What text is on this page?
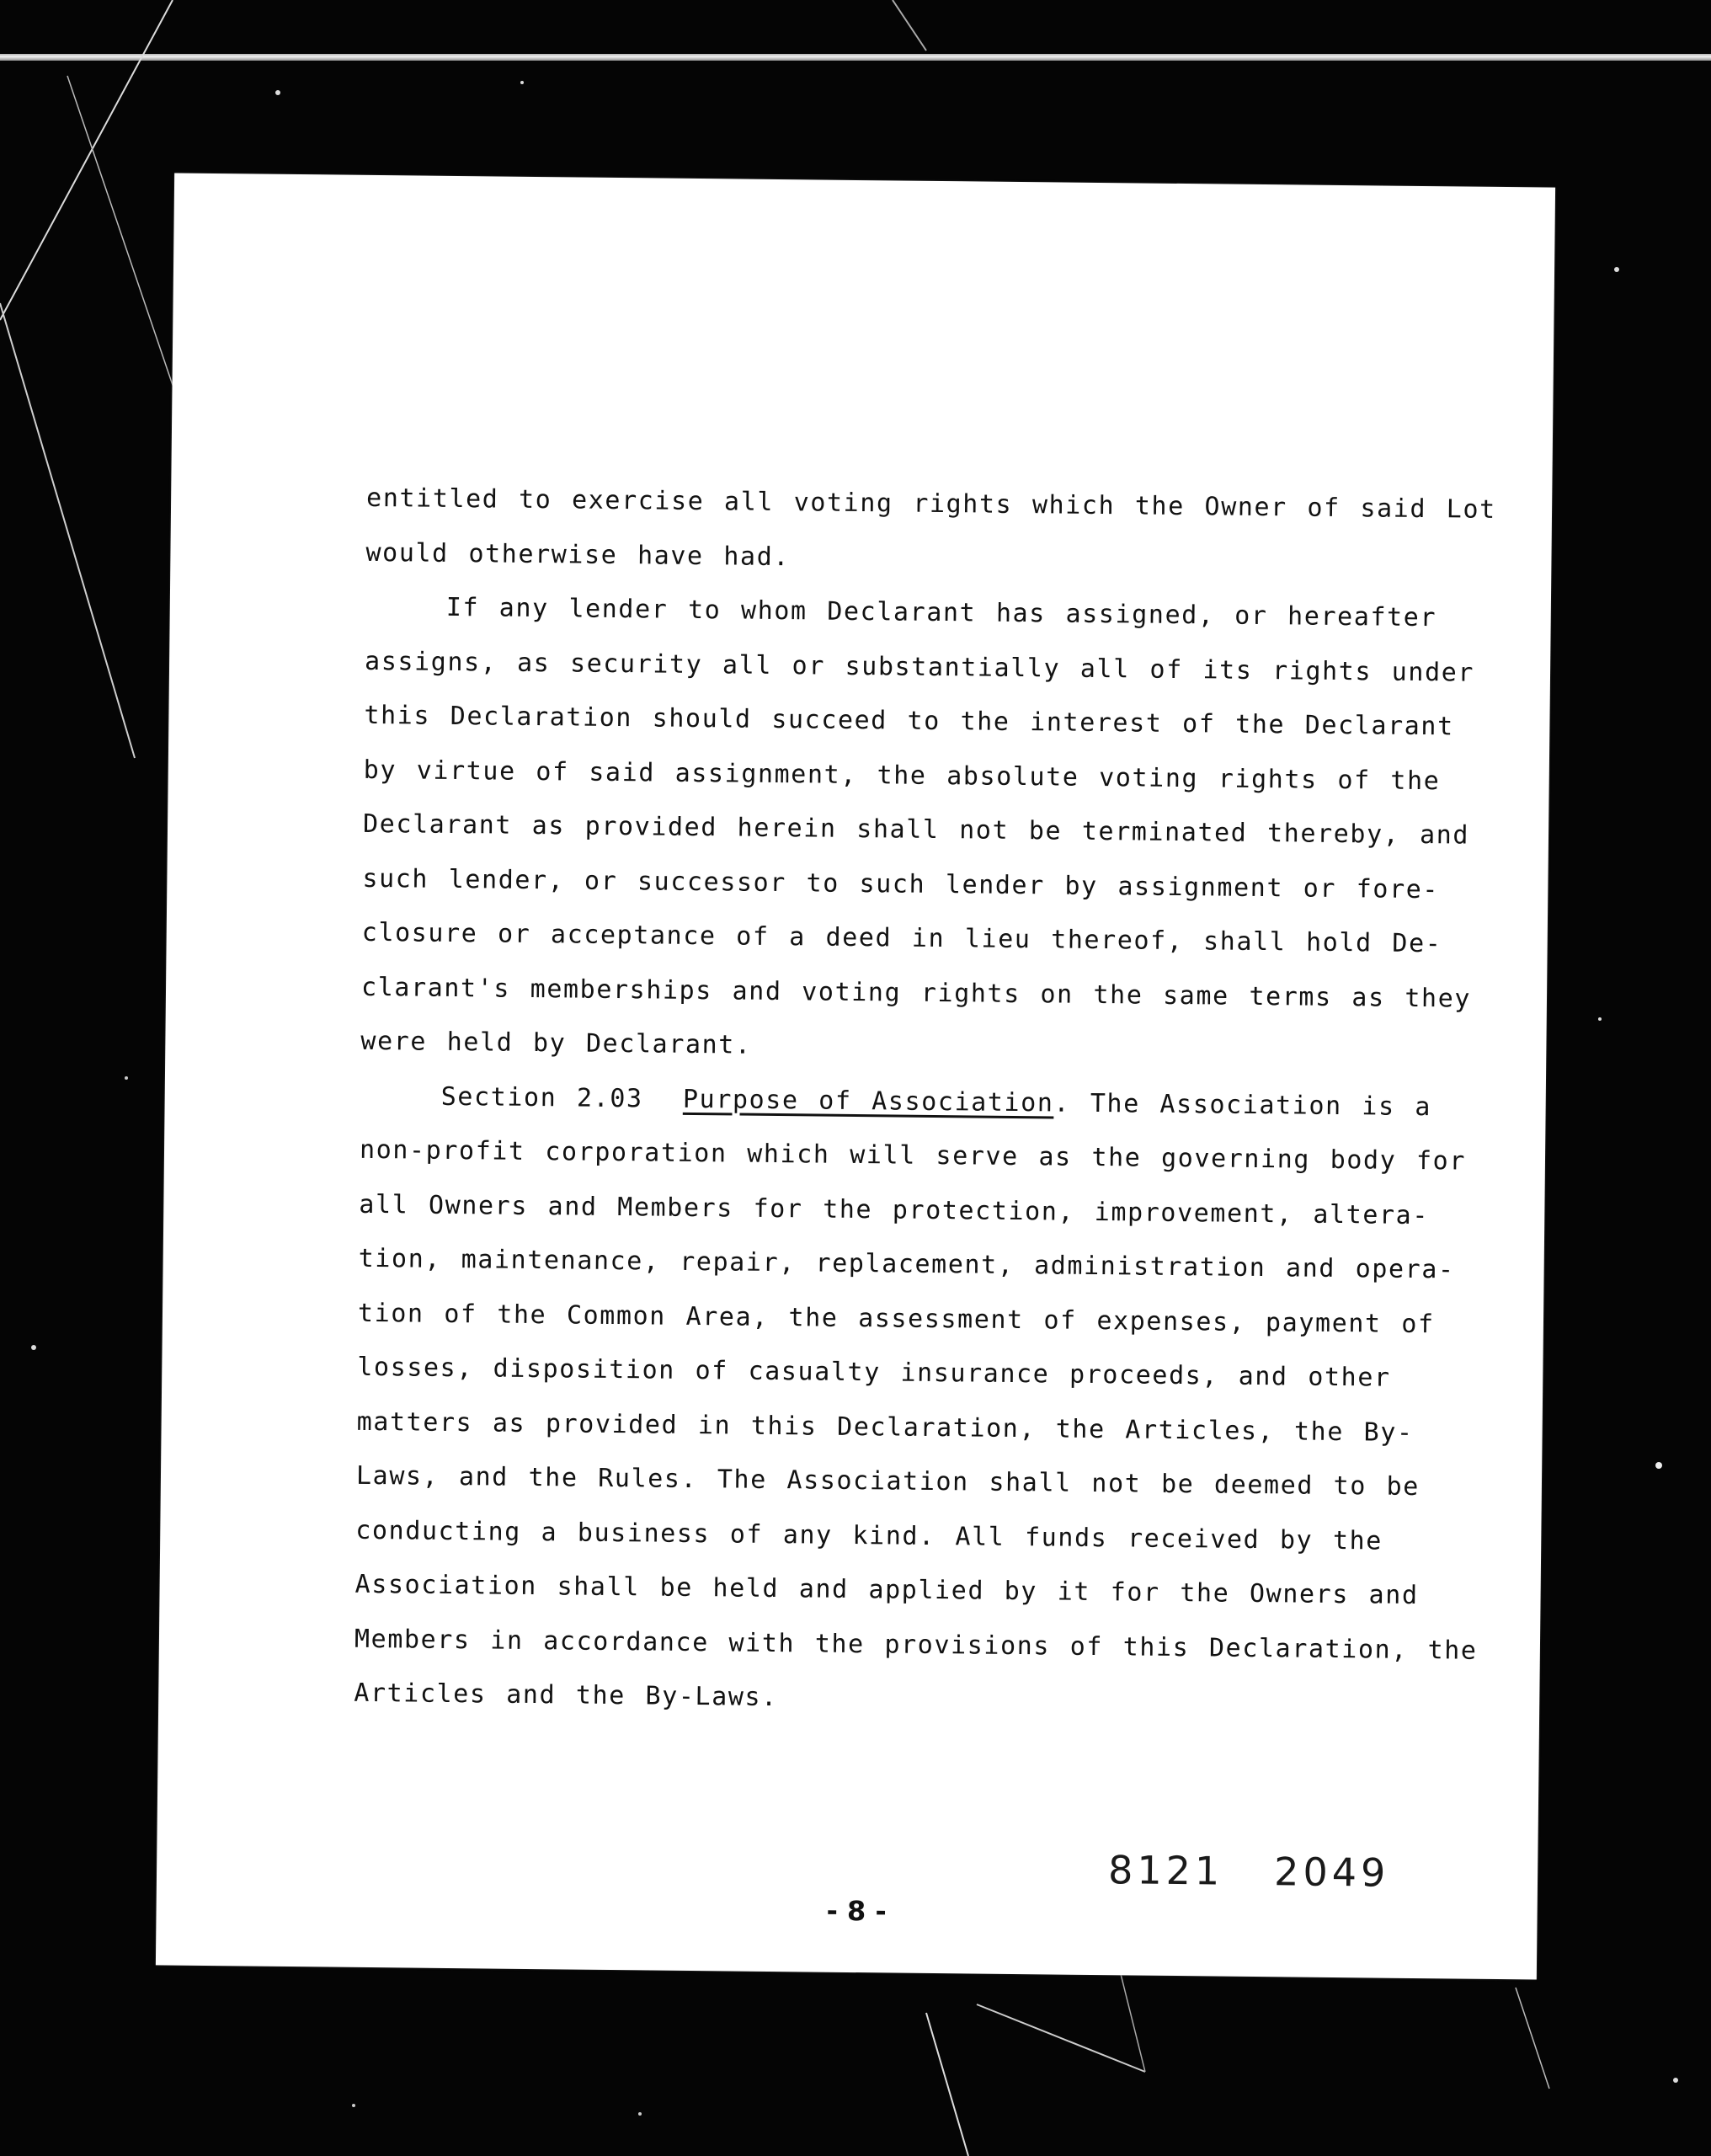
entitled to exercise all voting rights which the Owner of said Lot
would otherwise have had.
If any lender to whom Declarant has assigned, or hereafter
assigns, as security all or substantially all of its rights under
this Declaration should succeed to the interest of the Declarant
by virtue of said assignment, the absolute voting rights of the
Declarant as provided herein shall not be terminated thereby, and
such lender, or successor to such lender by assignment or fore-
closure or acceptance of a deed in lieu thereof, shall hold De-
clarant's memberships and voting rights on the same terms as they
were held by Declarant.
Section 2.03 Purpose of Association. The Association is a
non-profit corporation which will serve as the governing body for
all Owners and Members for the protection, improvement, altera-
tion, maintenance, repair, replacement, administration and opera-
tion of the Common Area, the assessment of expenses, payment of
losses, disposition of casualty insurance proceeds, and other
matters as provided in this Declaration, the Articles, the By-
Laws, and the Rules. The Association shall not be deemed to be
conducting a business of any kind. All funds received by the
Association shall be held and applied by it for the Owners and
Members in accordance with the provisions of this Declaration, the
Articles and the By-Laws.
8121 2049
- 8 -
